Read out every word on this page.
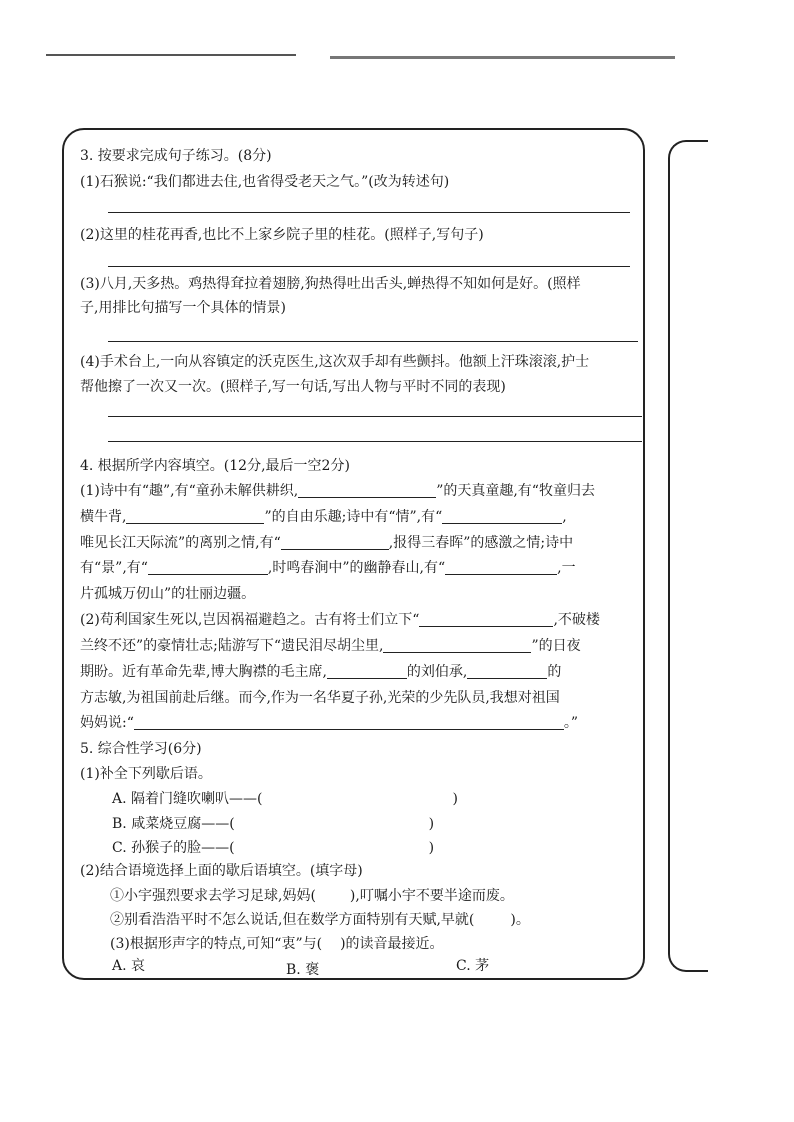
3. 按要求完成句子练习。(8分)
(1)石猴说:“我们都进去住,也省得受老天之气。”(改为转述句)
(2)这里的桂花再香,也比不上家乡院子里的桂花。(照样子,写句子)
(3)八月,天多热。鸡热得耷拉着翅膀,狗热得吐出舌头,蝉热得不知如何是好。(照样
子,用排比句描写一个具体的情景)
(4)手术台上,一向从容镇定的沃克医生,这次双手却有些颤抖。他额上汗珠滚滚,护士
帮他擦了一次又一次。(照样子,写一句话,写出人物与平时不同的表现)
4. 根据所学内容填空。(12分,最后一空2分)
(1)诗中有“趣”,有“童孙未解供耕织,	”的天真童趣,有“牧童归去
横牛背,	”的自由乐趣;诗中有“情”,有“	,
唯见长江天际流”的离别之情,有“	,报得三春晖”的感激之情;诗中
有“景”,有“	,时鸣春涧中”的幽静春山,有“	,一
片孤城万仞山”的壮丽边疆。
(2)苟利国家生死以,岂因祸福避趋之。古有将士们立下“	,不破楼
兰终不还”的豪情壮志;陆游写下“遗民泪尽胡尘里,	”的日夜
期盼。近有革命先辈,博大胸襟的毛主席,	的刘伯承,	的
方志敏,为祖国前赴后继。而今,作为一名华夏子孙,光荣的少先队员,我想对祖国
妈妈说:“	。”
5. 综合性学习(6分)
(1)补全下列歇后语。
A. 隔着门缝吹喇叭——(	)
B. 咸菜烧豆腐——(	)
C. 孙猴子的脸——(	)
(2)结合语境选择上面的歇后语填空。(填字母)
①小宇强烈要求去学习足球,妈妈( ),叮嘱小宇不要半途而废。
②别看浩浩平时不怎么说话,但在数学方面特别有天赋,早就(	)。
(3)根据形声字的特点,可知“衷”与( )的读音最接近。
A. 哀	B. 褒	C. 茅
